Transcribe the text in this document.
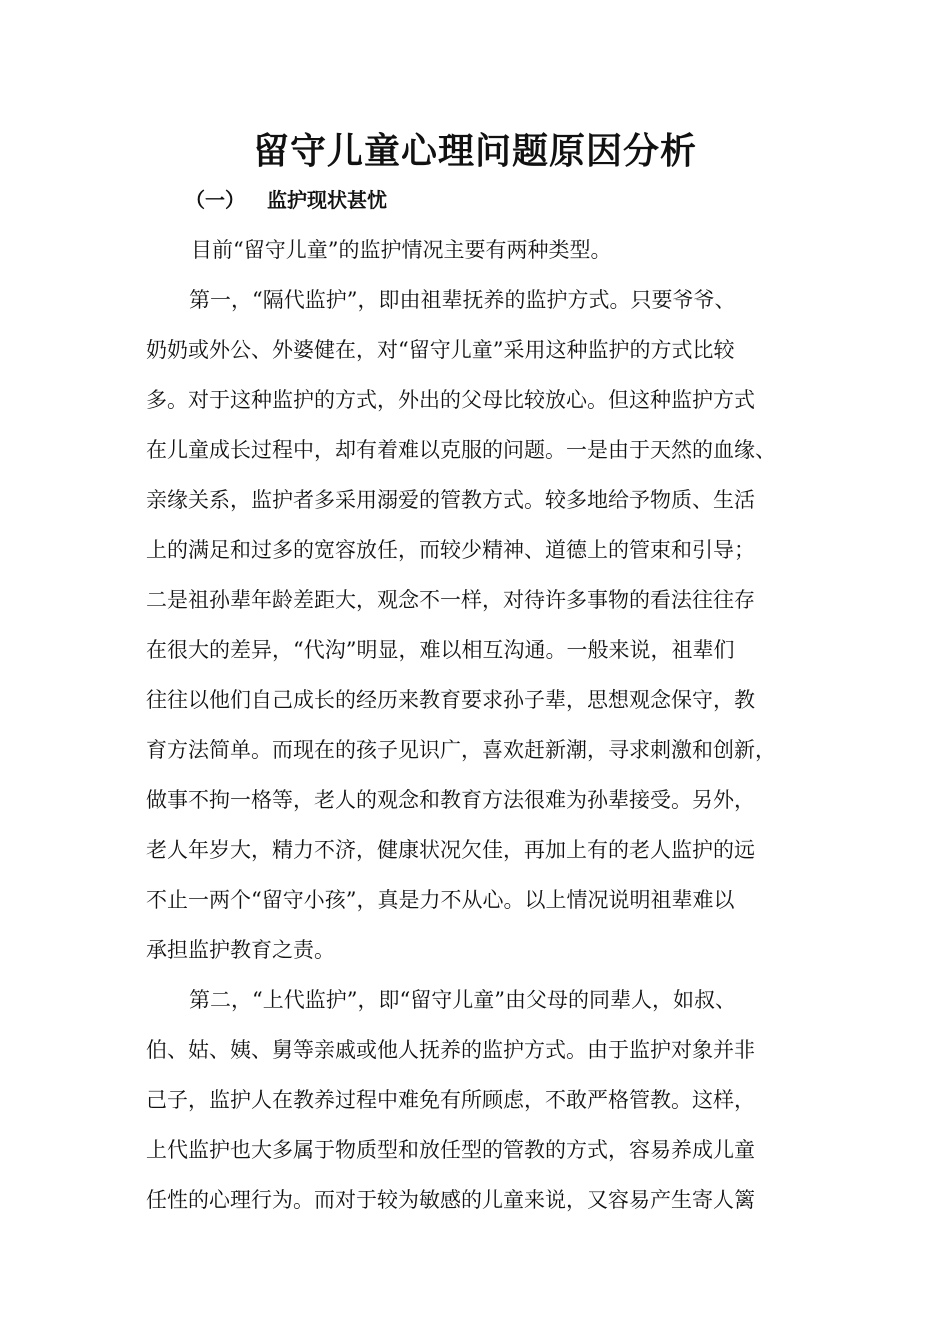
留守儿童心理问题原因分析
（一） 监护现状甚忧

目前“留守儿童”的监护情况主要有两种类型。

第一，“隔代监护”，即由祖辈抚养的监护方式。只要爷爷、

奶奶或外公、外婆健在，对“留守儿童”采用这种监护的方式比较

多。对于这种监护的方式，外出的父母比较放心。但这种监护方式

在儿童成长过程中，却有着难以克服的问题。一是由于天然的血缘、

亲缘关系，监护者多采用溺爱的管教方式。较多地给予物质、生活

上的满足和过多的宽容放任，而较少精神、道德上的管束和引导；

二是祖孙辈年龄差距大，观念不一样，对待许多事物的看法往往存

在很大的差异，“代沟”明显，难以相互沟通。一般来说，祖辈们

往往以他们自己成长的经历来教育要求孙子辈，思想观念保守，教

育方法简单。而现在的孩子见识广，喜欢赶新潮，寻求刺激和创新，

做事不拘一格等，老人的观念和教育方法很难为孙辈接受。另外，

老人年岁大，精力不济，健康状况欠佳，再加上有的老人监护的远

不止一两个“留守小孩”，真是力不从心。以上情况说明祖辈难以

承担监护教育之责。

第二，“上代监护”，即“留守儿童”由父母的同辈人，如叔、

伯、姑、姨、舅等亲戚或他人抚养的监护方式。由于监护对象并非

己子，监护人在教养过程中难免有所顾虑，不敢严格管教。这样，

上代监护也大多属于物质型和放任型的管教的方式，容易养成儿童

任性的心理行为。而对于较为敏感的儿童来说，又容易产生寄人篱
